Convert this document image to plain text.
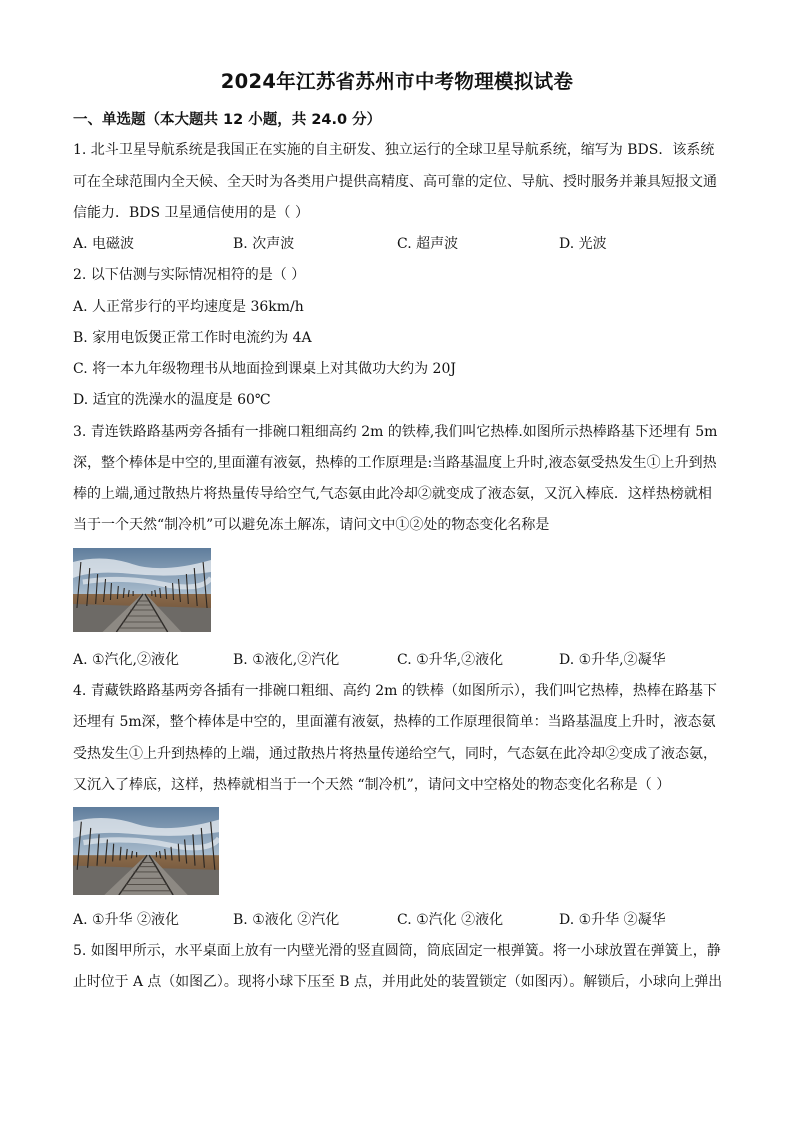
2024年江苏省苏州市中考物理模拟试卷
一、单选题（本大题共 12 小题，共 24.0 分）
1. 北斗卫星导航系统是我国正在实施的自主研发、独立运行的全球卫星导航系统，缩写为 BDS．该系统
可在全球范围内全天候、全天时为各类用户提供高精度、高可靠的定位、导航、授时服务并兼具短报文通
信能力．BDS 卫星通信使用的是（ ）
A. 电磁波	B. 次声波	C. 超声波	D. 光波
2. 以下估测与实际情况相符的是（ ）
A. 人正常步行的平均速度是 36km/h
B. 家用电饭煲正常工作时电流约为 4A
C. 将一本九年级物理书从地面捡到课桌上对其做功大约为 20J
D. 适宜的洗澡水的温度是 60℃
3. 青连铁路路基两旁各插有一排碗口粗细高约 2m 的铁棒,我们叫它热棒.如图所示热棒路基下还埋有 5m
深，整个棒体是中空的,里面灌有液氨，热棒的工作原理是:当路基温度上升时,液态氨受热发生①上升到热
棒的上端,通过散热片将热量传导给空气,气态氨由此冷却②就变成了液态氨，又沉入棒底．这样热榜就相
当于一个天然“制冷机”可以避免冻土解冻，请问文中①②处的物态变化名称是
A. ①汽化,②液化	B. ①液化,②汽化	C. ①升华,②液化	D. ①升华,②凝华
4. 青藏铁路路基两旁各插有一排碗口粗细、高约 2m 的铁棒（如图所示），我们叫它热棒，热棒在路基下
还埋有 5m深，整个棒体是中空的，里面灌有液氨，热棒的工作原理很简单：当路基温度上升时，液态氨
受热发生①上升到热棒的上端，通过散热片将热量传递给空气，同时，气态氨在此冷却②变成了液态氨，
又沉入了棒底，这样，热棒就相当于一个天然 “制冷机”，请问文中空格处的物态变化名称是（ ）
A. ①升华 ②液化	B. ①液化 ②汽化	C. ①汽化 ②液化	D. ①升华 ②凝华
5. 如图甲所示，水平桌面上放有一内壁光滑的竖直圆筒，筒底固定一根弹簧。将一小球放置在弹簧上，静
止时位于 A 点（如图乙）。现将小球下压至 B 点，并用此处的装置锁定（如图丙）。解锁后，小球向上弹出
